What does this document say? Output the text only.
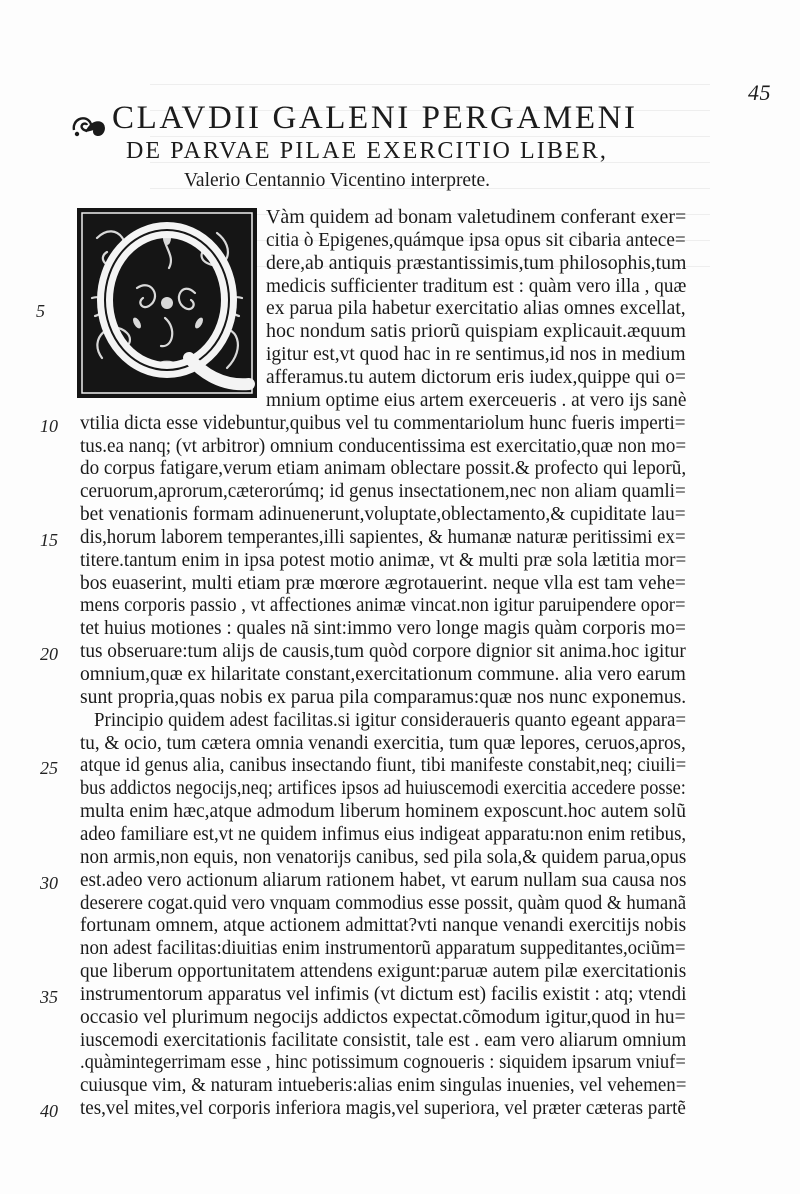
45
CLAVDII GALENI PERGAMENI
DE PARVAE PILAE EXERCITIO LIBER,
Valerio Centannio Vicentino interprete.
Vàm quidem ad bonam valetudinem conferant exer=
citia ò Epigenes,quámque ipsa opus sit cibaria antece=
dere,ab antiquis præstantissimis,tum philosophis,tum
medicis sufficienter traditum est : quàm vero illa , quæ
ex parua pila habetur exercitatio alias omnes excellat,
hoc nondum satis priorũ quispiam explicauit.æquum
igitur est,vt quod hac in re sentimus,id nos in medium
afferamus.tu autem dictorum eris iudex,quippe qui o=
mnium optime eius artem exerceueris . at vero ijs sanè
vtilia dicta esse videbuntur,quibus vel tu commentariolum hunc fueris imperti=
tus.ea nanq; (vt arbitror) omnium conducentissima est exercitatio,quæ non mo=
do corpus fatigare,verum etiam animam oblectare possit.& profecto qui leporũ,
ceruorum,aprorum,cæterorúmq; id genus insectationem,nec non aliam quamli=
bet venationis formam adinuenerunt,voluptate,oblectamento,& cupiditate lau=
dis,horum laborem temperantes,illi sapientes, & humanæ naturæ peritissimi ex=
titere.tantum enim in ipsa potest motio animæ, vt & multi præ sola lætitia mor=
bos euaserint, multi etiam præ mœrore ægrotauerint. neque vlla est tam vehe=
mens corporis passio , vt affectiones animæ vincat.non igitur paruipendere opor=
tet huius motiones : quales nã sint:immo vero longe magis quàm corporis mo=
tus obseruare:tum alijs de causis,tum quòd corpore dignior sit anima.hoc igitur
omnium,quæ ex hilaritate constant,exercitationum commune. alia vero earum
sunt propria,quas nobis ex parua pila comparamus:quæ nos nunc exponemus.
Principio quidem adest facilitas.si igitur consideraueris quanto egeant appara=
tu, & ocio, tum cætera omnia venandi exercitia, tum quæ lepores, ceruos,apros,
atque id genus alia, canibus insectando fiunt, tibi manifeste constabit,neq; ciuili=
bus addictos negocijs,neq; artifices ipsos ad huiuscemodi exercitia accedere posse:
multa enim hæc,atque admodum liberum hominem exposcunt.hoc autem solũ
adeo familiare est,vt ne quidem infimus eius indigeat apparatu:non enim retibus,
non armis,non equis, non venatorijs canibus, sed pila sola,& quidem parua,opus
est.adeo vero actionum aliarum rationem habet, vt earum nullam sua causa nos
deserere cogat.quid vero vnquam commodius esse possit, quàm quod & humanã
fortunam omnem, atque actionem admittat?vti nanque venandi exercitijs nobis
non adest facilitas:diuitias enim instrumentorũ apparatum suppeditantes,ociũm=
que liberum opportunitatem attendens exigunt:paruæ autem pilæ exercitationis
instrumentorum apparatus vel infimis (vt dictum est) facilis existit : atq; vtendi
occasio vel plurimum negocijs addictos expectat.cõmodum igitur,quod in hu=
iuscemodi exercitationis facilitate consistit, tale est . eam vero aliarum omnium
.quàmintegerrimam esse , hinc potissimum cognoueris : siquidem ipsarum vniuf=
cuiusque vim, & naturam intueberis:alias enim singulas inuenies, vel vehemen=
tes,vel mites,vel corporis inferiora magis,vel superiora, vel præter cæteras partẽ
5
10
15
20
25
30
35
40
